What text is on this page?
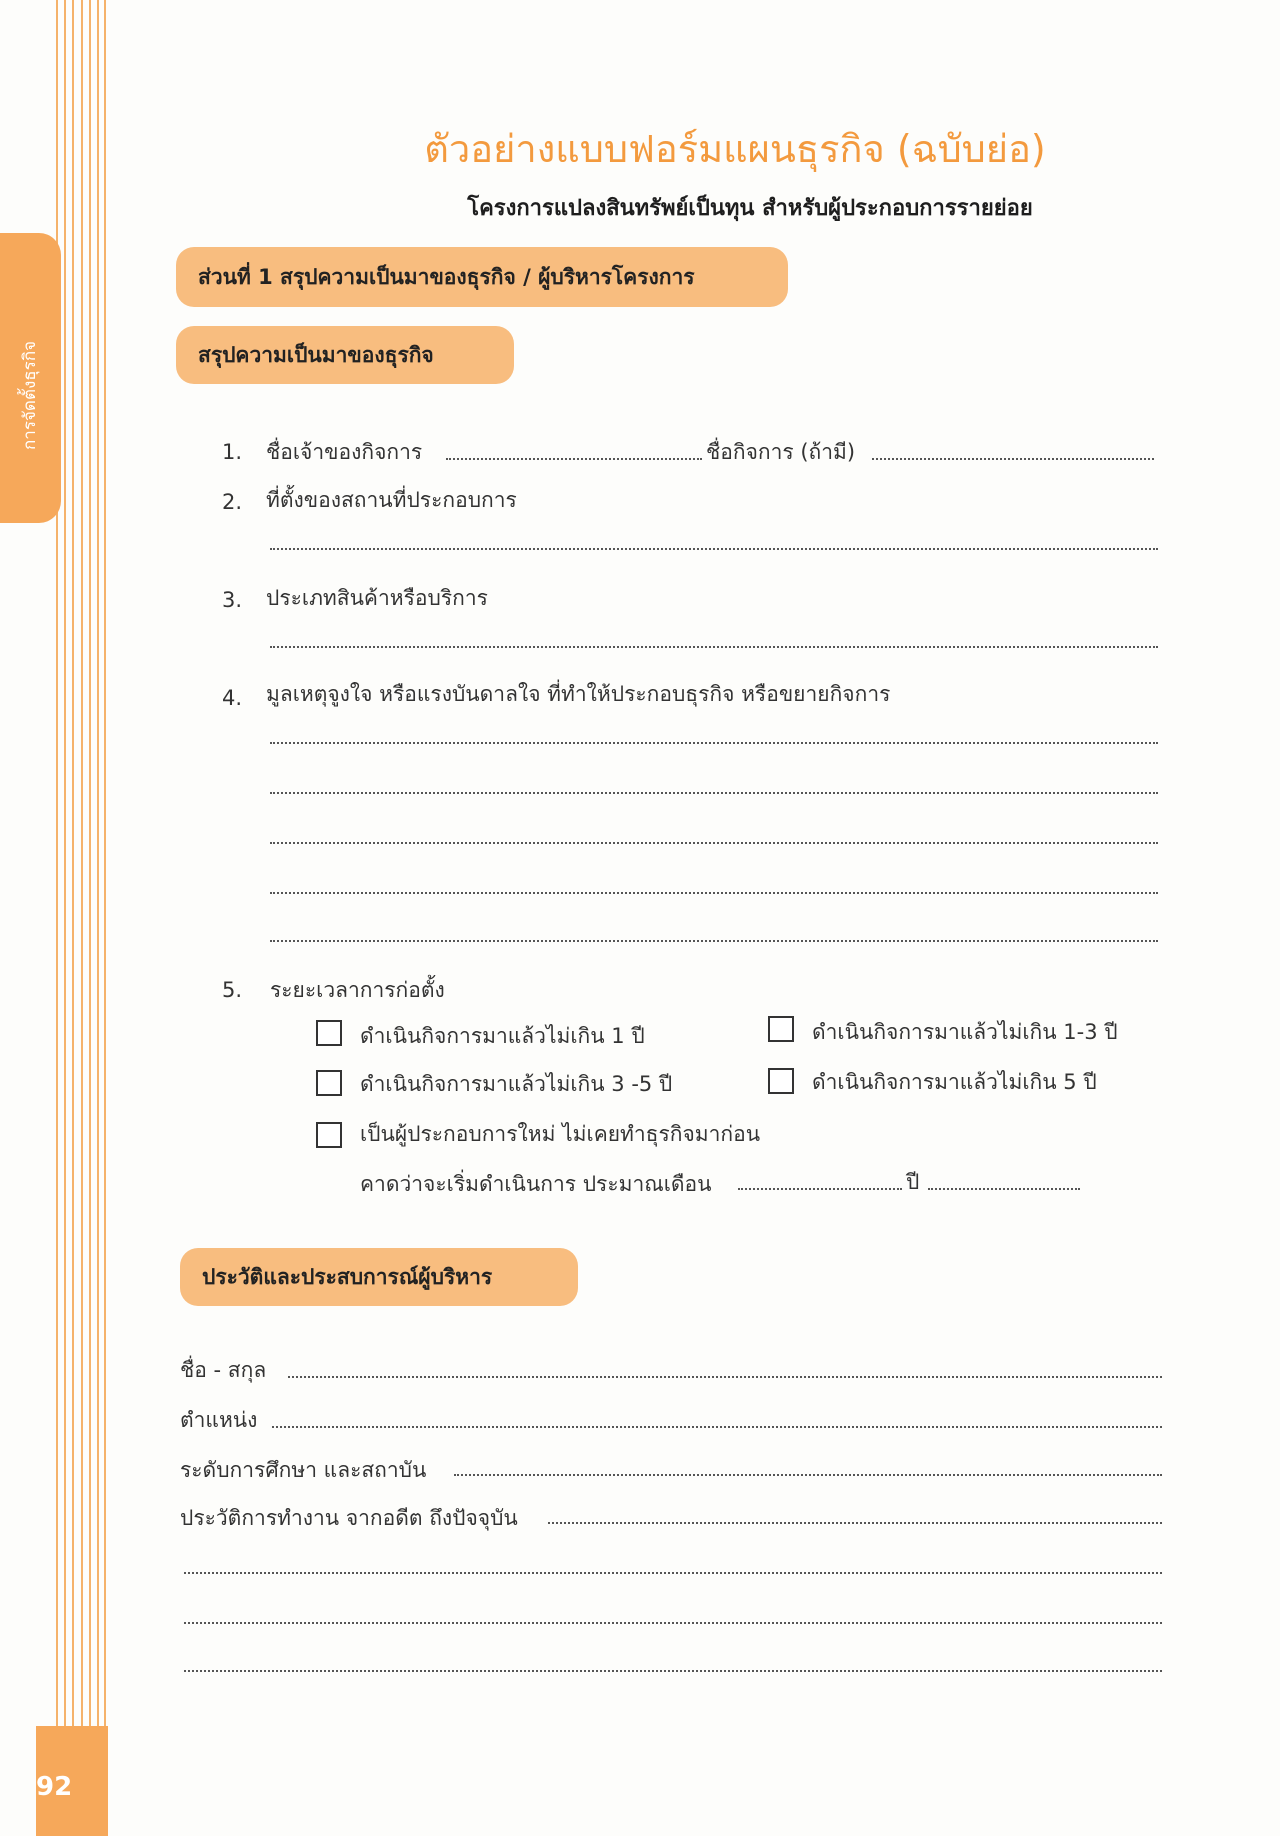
การจัดตั้งธุรกิจ
92
ตัวอย่างแบบฟอร์มแผนธุรกิจ (ฉบับย่อ)
โครงการแปลงสินทรัพย์เป็นทุน สำหรับผู้ประกอบการรายย่อย
ส่วนที่ 1 สรุปความเป็นมาของธุรกิจ / ผู้บริหารโครงการ
สรุปความเป็นมาของธุรกิจ
1. ชื่อเจ้าของกิจการ	ชื่อกิจการ (ถ้ามี)
2. ที่ตั้งของสถานที่ประกอบการ
3. ประเภทสินค้าหรือบริการ
4. มูลเหตุจูงใจ หรือแรงบันดาลใจ ที่ทำให้ประกอบธุรกิจ หรือขยายกิจการ
5. ระยะเวลาการก่อตั้ง
ดำเนินกิจการมาแล้วไม่เกิน 1 ปี	ดำเนินกิจการมาแล้วไม่เกิน 1-3 ปี
ดำเนินกิจการมาแล้วไม่เกิน 3 -5 ปี	ดำเนินกิจการมาแล้วไม่เกิน 5 ปี
เป็นผู้ประกอบการใหม่ ไม่เคยทำธุรกิจมาก่อน
คาดว่าจะเริ่มดำเนินการ ประมาณเดือน	ปี
ประวัติและประสบการณ์ผู้บริหาร
ชื่อ - สกุล
ตำแหน่ง
ระดับการศึกษา และสถาบัน
ประวัติการทำงาน จากอดีต ถึงปัจจุบัน
